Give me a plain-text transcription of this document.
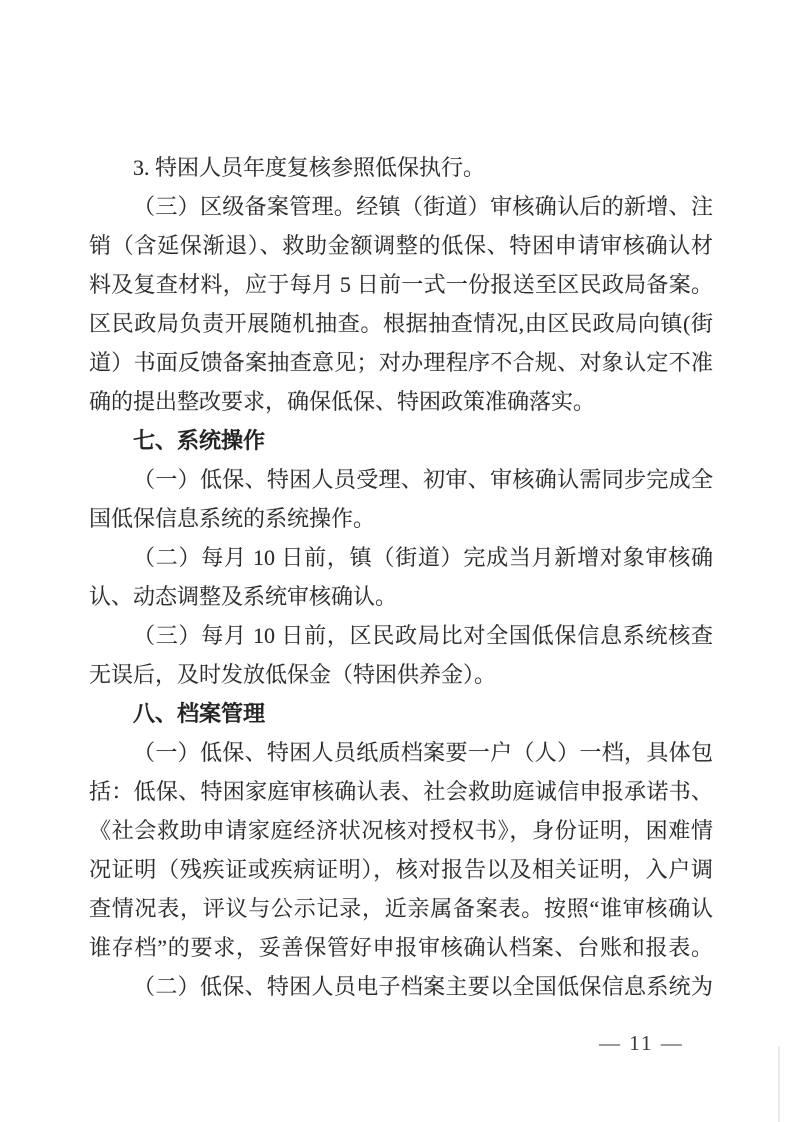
3. 特困人员年度复核参照低保执行。

（三）区级备案管理。经镇（街道）审核确认后的新增、注

销（含延保渐退）、救助金额调整的低保、特困申请审核确认材

料及复查材料，应于每月 5 日前一式一份报送至区民政局备案。

区民政局负责开展随机抽查。根据抽查情况,由区民政局向镇(街

道）书面反馈备案抽查意见；对办理程序不合规、对象认定不准

确的提出整改要求，确保低保、特困政策准确落实。

七、系统操作

（一）低保、特困人员受理、初审、审核确认需同步完成全

国低保信息系统的系统操作。

（二）每月 10 日前，镇（街道）完成当月新增对象审核确

认、动态调整及系统审核确认。

（三）每月 10 日前，区民政局比对全国低保信息系统核查

无误后，及时发放低保金（特困供养金）。

八、档案管理

（一）低保、特困人员纸质档案要一户（人）一档，具体包

括：低保、特困家庭审核确认表、社会救助庭诚信申报承诺书、

《社会救助申请家庭经济状况核对授权书》，身份证明，困难情

况证明（残疾证或疾病证明），核对报告以及相关证明，入户调

查情况表，评议与公示记录，近亲属备案表。按照“谁审核确认

谁存档”的要求，妥善保管好申报审核确认档案、台账和报表。

（二）低保、特困人员电子档案主要以全国低保信息系统为

— 11 —
